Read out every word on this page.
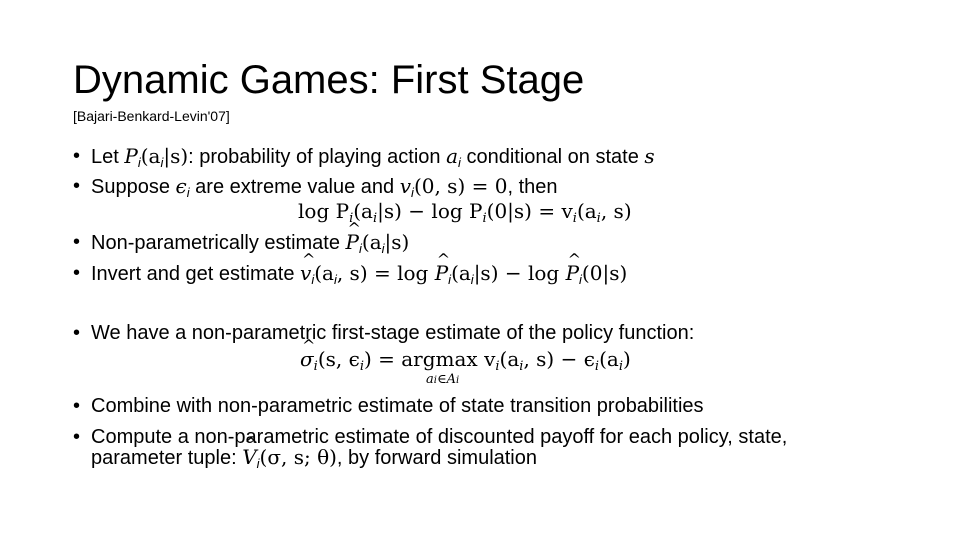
Dynamic Games: First Stage
[Bajari-Benkard-Levin'07]
• Let $P_i(a_i|s)$: probability of playing action $a_i$ conditional on state s
• Suppose $\epsilon_i$ are extreme value and $v_i(0$, s) = 0, then
$\log P_i(a_i|s) - \log P_i(0|s) = v_i(a_i$, s)
• Non-parametrically estimate ^ $P_i(a_i|s)$
• Invert and get estimate ^ $v_i(a_i$, s) = log ^ $P_i(a_i|s) - \log$ ^ $P_i(0|s)$
• We have a non-parametric first-stage estimate of the policy function:
^ $\sigma_i(s$, $\epsilon_i) = argmax$ $v_i(a_i$, $s) - \epsilon_i(a_i)$
ai∈Ai
• Combine with non-parametric estimate of state transition probabilities
• Compute a non-parametric estimate of discounted payoff for each policy, state,
parameter tuple: ^ $V_i(\sigma$, s; θ), by forward simulation
